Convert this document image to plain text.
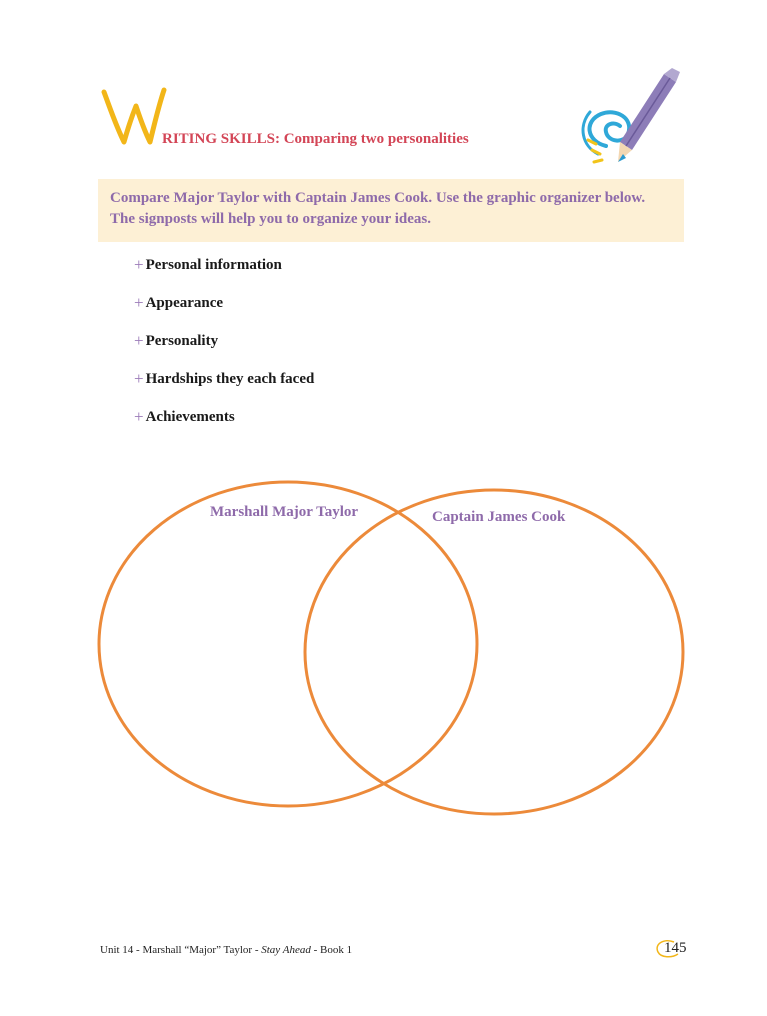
RITING SKILLS: Comparing two personalities

Compare Major Taylor with Captain James Cook. Use the graphic organizer below. The signposts will help you to organize your ideas.

+ Personal information
+ Appearance
+ Personality
+ Hardships they each faced
+ Achievements
Marshall Major Taylor	Captain James Cook
Unit 14 - Marshall “Major” Taylor - Stay Ahead - Book 1	145
